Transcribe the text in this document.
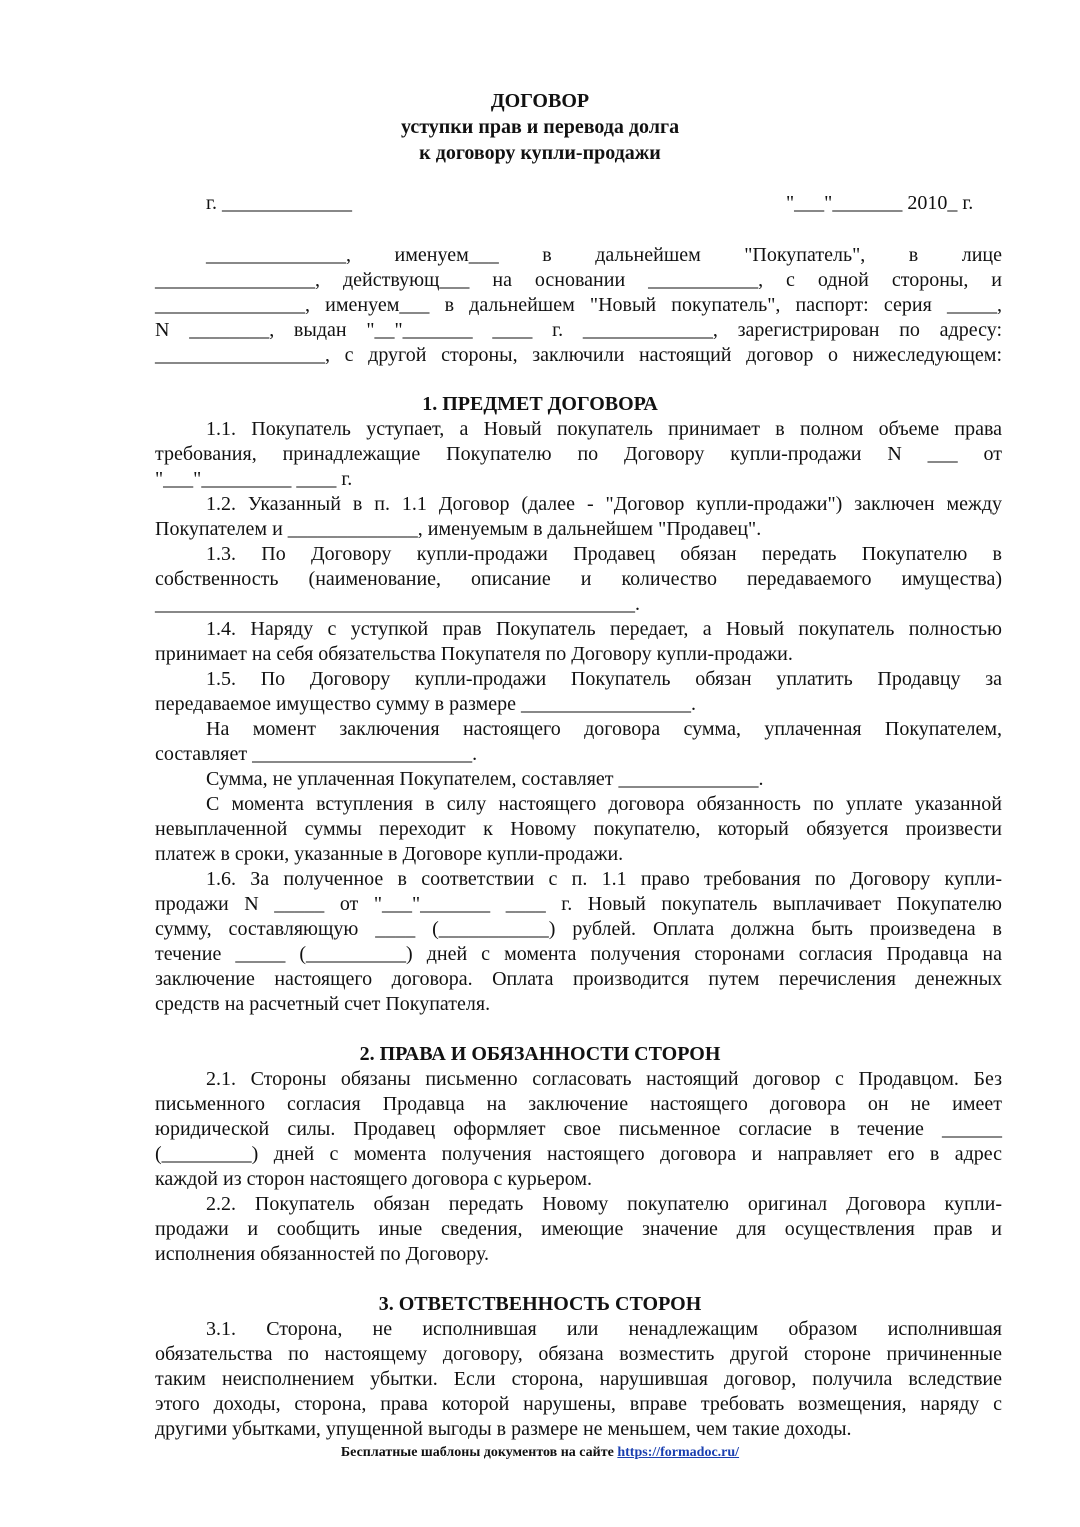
ДОГОВОР
уступки прав и перевода долга
к договору купли-продажи
г. _____________	"___"_______ 2010_ г.
______________, именуем___ в дальнейшем "Покупатель", в лице
________________, действующ___ на основании ___________, с одной стороны, и
_______________, именуем___ в дальнейшем "Новый покупатель", паспорт: серия _____,
N ________, выдан "__"_______ ____ г. _____________, зарегистрирован по адресу:
_________________, с другой стороны, заключили настоящий договор о нижеследующем:
1. ПРЕДМЕТ ДОГОВОРА
1.1. Покупатель уступает, а Новый покупатель принимает в полном объеме права
требования, принадлежащие Покупателю по Договору купли-продажи N ___ от
"___"_________ ____ г.
1.2. Указанный в п. 1.1 Договор (далее - "Договор купли-продажи") заключен между
Покупателем и _____________, именуемым в дальнейшем "Продавец".
1.3. По Договору купли-продажи Продавец обязан передать Покупателю в
собственность (наименование, описание и количество передаваемого имущества)
________________________________________________.
1.4. Наряду с уступкой прав Покупатель передает, а Новый покупатель полностью
принимает на себя обязательства Покупателя по Договору купли-продажи.
1.5. По Договору купли-продажи Покупатель обязан уплатить Продавцу за
передаваемое имущество сумму в размере _________________.
На момент заключения настоящего договора сумма, уплаченная Покупателем,
составляет ______________________.
Сумма, не уплаченная Покупателем, составляет ______________.
С момента вступления в силу настоящего договора обязанность по уплате указанной
невыплаченной суммы переходит к Новому покупателю, который обязуется произвести
платеж в сроки, указанные в Договоре купли-продажи.
1.6. За полученное в соответствии с п. 1.1 право требования по Договору купли-
продажи N _____ от "___"_______ ____ г. Новый покупатель выплачивает Покупателю
сумму, составляющую ____ (___________) рублей. Оплата должна быть произведена в
течение _____ (__________) дней с момента получения сторонами согласия Продавца на
заключение настоящего договора. Оплата производится путем перечисления денежных
средств на расчетный счет Покупателя.
2. ПРАВА И ОБЯЗАННОСТИ СТОРОН
2.1. Стороны обязаны письменно согласовать настоящий договор с Продавцом. Без
письменного согласия Продавца на заключение настоящего договора он не имеет
юридической силы. Продавец оформляет свое письменное согласие в течение ______
(_________) дней с момента получения настоящего договора и направляет его в адрес
каждой из сторон настоящего договора с курьером.
2.2. Покупатель обязан передать Новому покупателю оригинал Договора купли-
продажи и сообщить иные сведения, имеющие значение для осуществления прав и
исполнения обязанностей по Договору.
3. ОТВЕТСТВЕННОСТЬ СТОРОН
3.1. Сторона, не исполнившая или ненадлежащим образом исполнившая
обязательства по настоящему договору, обязана возместить другой стороне причиненные
таким неисполнением убытки. Если сторона, нарушившая договор, получила вследствие
этого доходы, сторона, права которой нарушены, вправе требовать возмещения, наряду с
другими убытками, упущенной выгоды в размере не меньшем, чем такие доходы.
Бесплатные шаблоны документов на сайте https://formadoc.ru/
